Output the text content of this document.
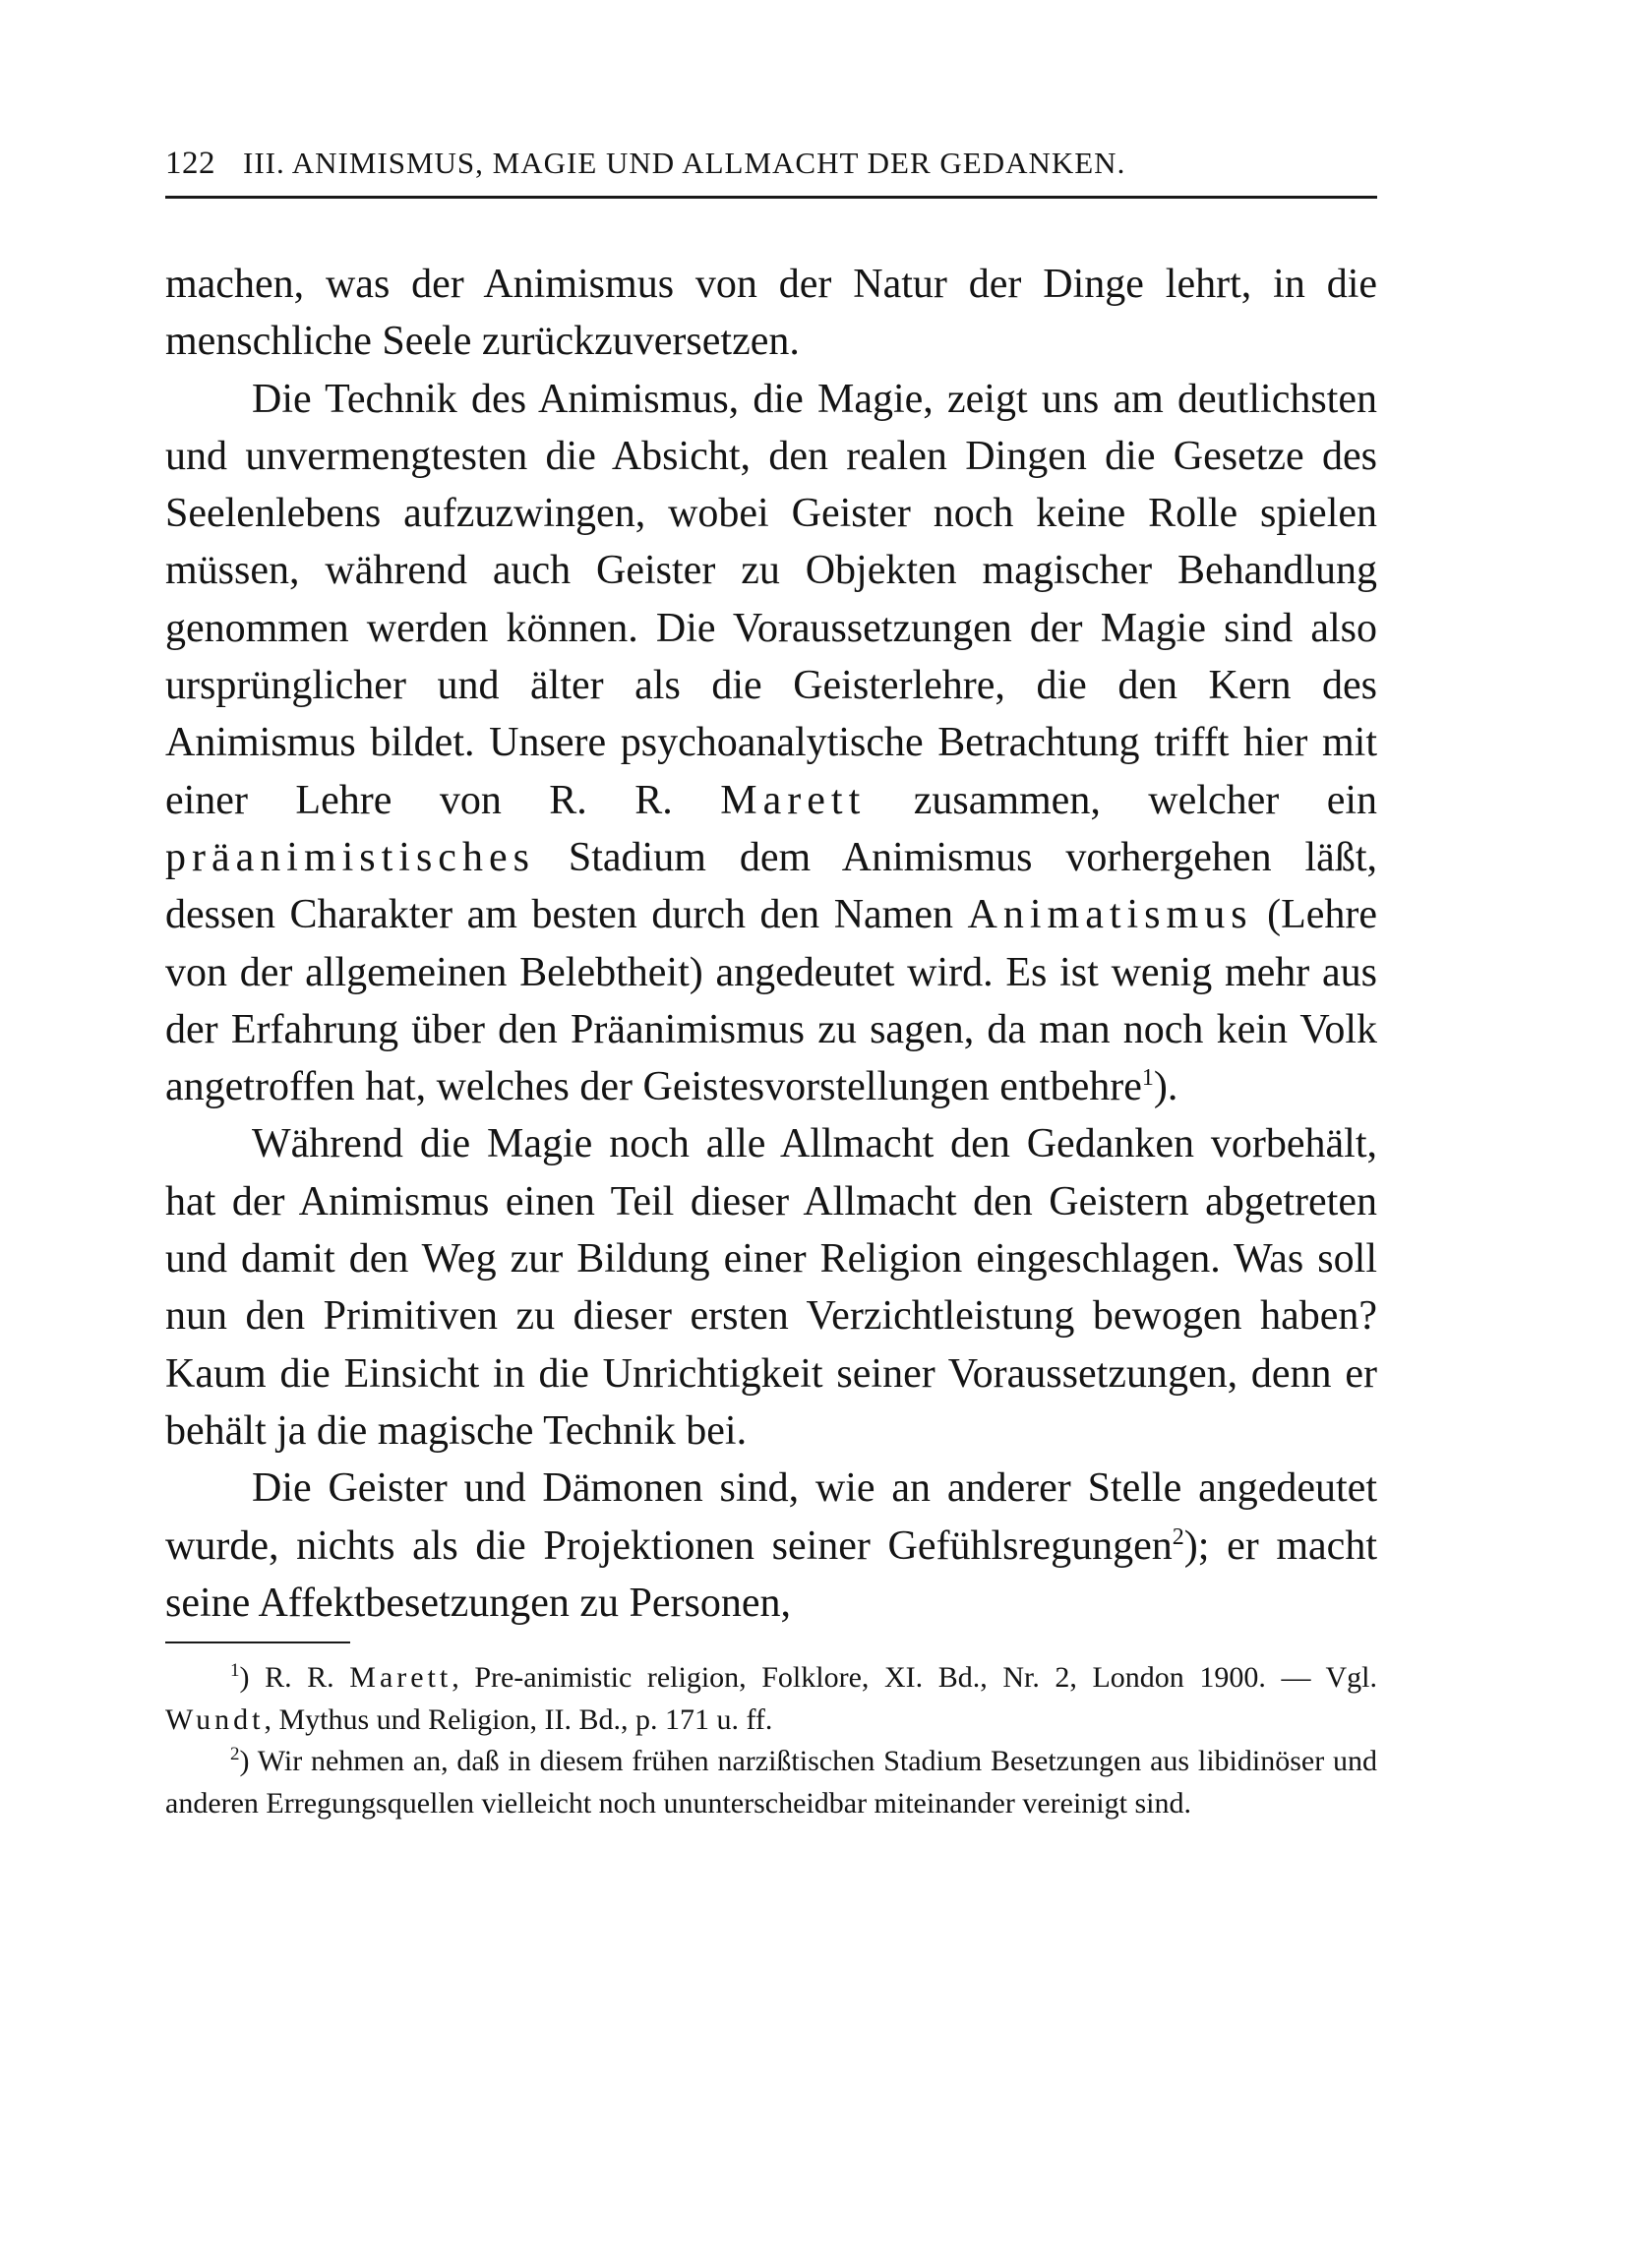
122 III. ANIMISMUS, MAGIE UND ALLMACHT DER GEDANKEN.

machen, was der Animismus von der Natur der Dinge lehrt, in die menschliche Seele zurückzuversetzen.

Die Technik des Animismus, die Magie, zeigt uns am deutlichsten und unvermengtesten die Absicht, den realen Dingen die Gesetze des Seelenlebens aufzuzwingen, wobei Geister noch keine Rolle spielen müssen, während auch Geister zu Objekten magischer Behandlung genommen werden können. Die Voraussetzungen der Magie sind also ursprünglicher und älter als die Geisterlehre, die den Kern des Animismus bildet. Unsere psychoanalytische Betrachtung trifft hier mit einer Lehre von R. R. Marett zusammen, welcher ein präanimistisches Stadium dem Animismus vorhergehen läßt, dessen Charakter am besten durch den Namen Animatismus (Lehre von der allgemeinen Belebtheit) angedeutet wird. Es ist wenig mehr aus der Erfahrung über den Präanimismus zu sagen, da man noch kein Volk angetroffen hat, welches der Geistesvorstellungen entbehre$^1$).

Während die Magie noch alle Allmacht den Gedanken vorbehält, hat der Animismus einen Teil dieser Allmacht den Geistern abgetreten und damit den Weg zur Bildung einer Religion eingeschlagen. Was soll nun den Primitiven zu dieser ersten Verzichtleistung bewogen haben? Kaum die Einsicht in die Unrichtigkeit seiner Voraussetzungen, denn er behält ja die magische Technik bei.

Die Geister und Dämonen sind, wie an anderer Stelle angedeutet wurde, nichts als die Projektionen seiner Gefühlsregungen$^2$); er macht seine Affektbesetzungen zu Personen,

$^1$) R. R. Marett, Pre-animistic religion, Folklore, XI. Bd., Nr. 2, London 1900. — Vgl. Wundt, Mythus und Religion, II. Bd., p. 171 u. ff.

$^2$) Wir nehmen an, daß in diesem frühen narzißtischen Stadium Besetzungen aus libidinöser und anderen Erregungsquellen vielleicht noch ununterscheidbar miteinander vereinigt sind.
